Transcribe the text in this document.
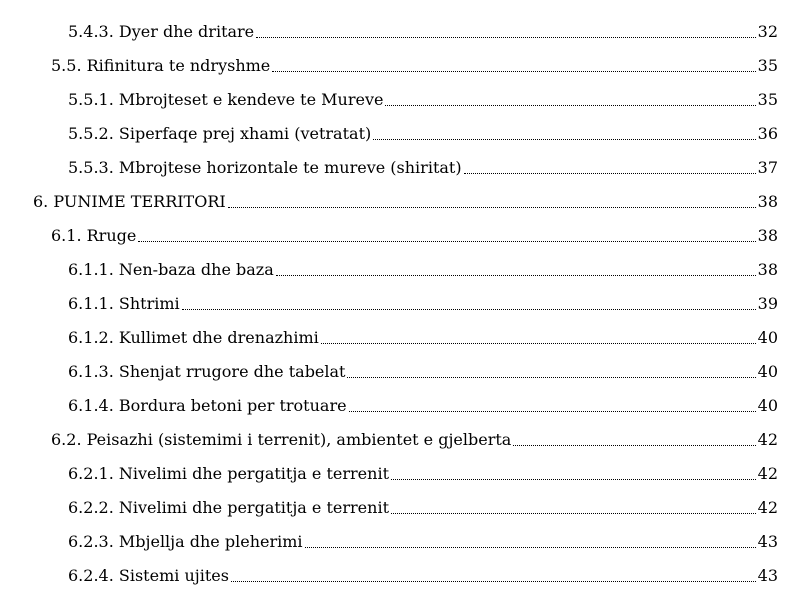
5.4.3. Dyer dhe dritare	32
5.5. Rifinitura te ndryshme	35
5.5.1. Mbrojteset e kendeve te Mureve	35
5.5.2. Siperfaqe prej xhami (vetratat)	36
5.5.3. Mbrojtese horizontale te mureve (shiritat)	37
6. PUNIME TERRITORI	38
6.1. Rruge	38
6.1.1. Nen-baza dhe baza	38
6.1.1. Shtrimi	39
6.1.2. Kullimet dhe drenazhimi	40
6.1.3. Shenjat rrugore dhe tabelat	40
6.1.4. Bordura betoni per trotuare	40
6.2. Peisazhi (sistemimi i terrenit), ambientet e gjelberta	42
6.2.1. Nivelimi dhe pergatitja e terrenit	42
6.2.2. Nivelimi dhe pergatitja e terrenit	42
6.2.3. Mbjellja dhe pleherimi	43
6.2.4. Sistemi ujites	43
